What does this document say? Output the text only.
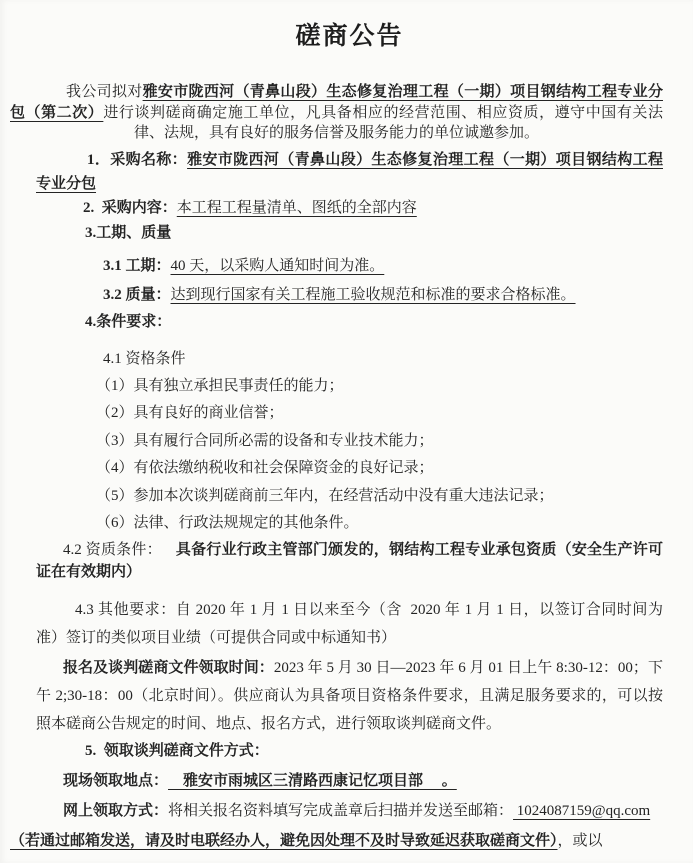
磋商公告

我公司拟对雅安市陇西河（青鼻山段）生态修复治理工程（一期）项目钢结构工程专业分包（第二次）进行谈判磋商确定施工单位，凡具备相应的经营范围、相应资质，遵守中国有关法律、法规，具有良好的服务信誉及服务能力的单位诚邀参加。

1．采购名称：雅安市陇西河（青鼻山段）生态修复治理工程（一期）项目钢结构工程专业分包

2.  采购内容：本工程工程量清单、图纸的全部内容

3.工期、质量

3.1 工期：40 天，以采购人通知时间为准。

3.2 质量：达到现行国家有关工程施工验收规范和标准的要求合格标准。

4.条件要求：

4.1 资格条件

（1）具有独立承担民事责任的能力；

（2）具有良好的商业信誉；

（3）具有履行合同所必需的设备和专业技术能力；

（4）有依法缴纳税收和社会保障资金的良好记录；

（5）参加本次谈判磋商前三年内，在经营活动中没有重大违法记录；

（6）法律、行政法规规定的其他条件。

4.2 资质条件： 具备行业行政主管部门颁发的，钢结构工程专业承包资质（安全生产许可证在有效期内）

4.3 其他要求：自 2020 年 1 月 1 日以来至今（含  2020 年 1 月 1 日，以签订合同时间为准）签订的类似项目业绩（可提供合同或中标通知书）

报名及谈判磋商文件领取时间：2023 年 5 月 30 日—2023 年 6 月 01 日上午 8:30-12：00；下午 2;30-18：00（北京时间）。供应商认为具备项目资格条件要求，且满足服务要求的，可以按照本磋商公告规定的时间、地点、报名方式，进行领取谈判磋商文件。

5.  领取谈判磋商文件方式：

现场领取地点：    雅安市雨城区三清路西康记忆项目部     。

网上领取方式：将相关报名资料填写完成盖章后扫描并发送至邮箱： 1024087159@qq.com

（若通过邮箱发送，请及时电联经办人，避免因处理不及时导致延迟获取磋商文件），或以
